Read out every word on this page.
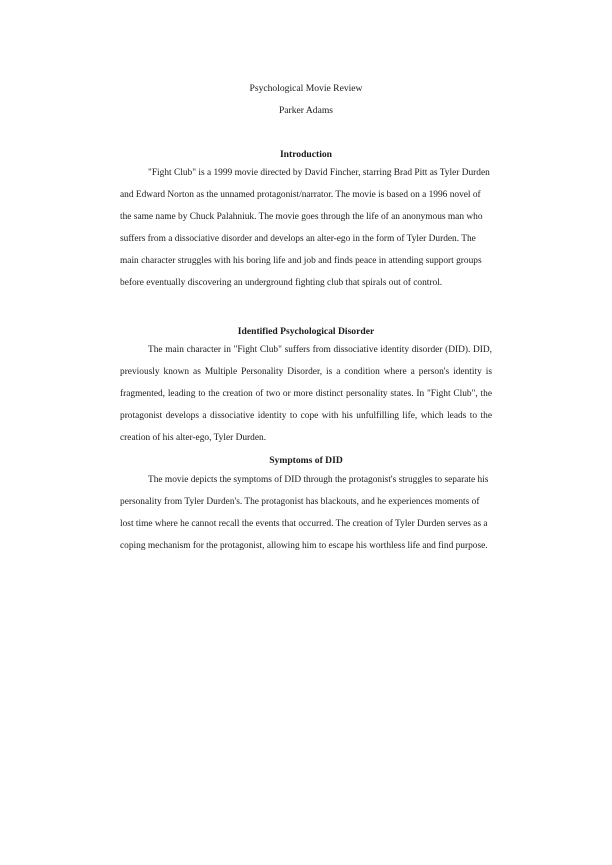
Psychological Movie Review
Parker Adams
Introduction

"Fight Club" is a 1999 movie directed by David Fincher, starring Brad Pitt as Tyler Durden and Edward Norton as the unnamed protagonist/narrator. The movie is based on a 1996 novel of the same name by Chuck Palahniuk. The movie goes through the life of an anonymous man who suffers from a dissociative disorder and develops an alter-ego in the form of Tyler Durden. The main character struggles with his boring life and job and finds peace in attending support groups before eventually discovering an underground fighting club that spirals out of control.

Identified Psychological Disorder

The main character in "Fight Club" suffers from dissociative identity disorder (DID). DID, previously known as Multiple Personality Disorder, is a condition where a person's identity is fragmented, leading to the creation of two or more distinct personality states. In "Fight Club", the protagonist develops a dissociative identity to cope with his unfulfilling life, which leads to the creation of his alter-ego, Tyler Durden.

Symptoms of DID

The movie depicts the symptoms of DID through the protagonist's struggles to separate his personality from Tyler Durden's. The protagonist has blackouts, and he experiences moments of lost time where he cannot recall the events that occurred. The creation of Tyler Durden serves as a coping mechanism for the protagonist, allowing him to escape his worthless life and find purpose.
